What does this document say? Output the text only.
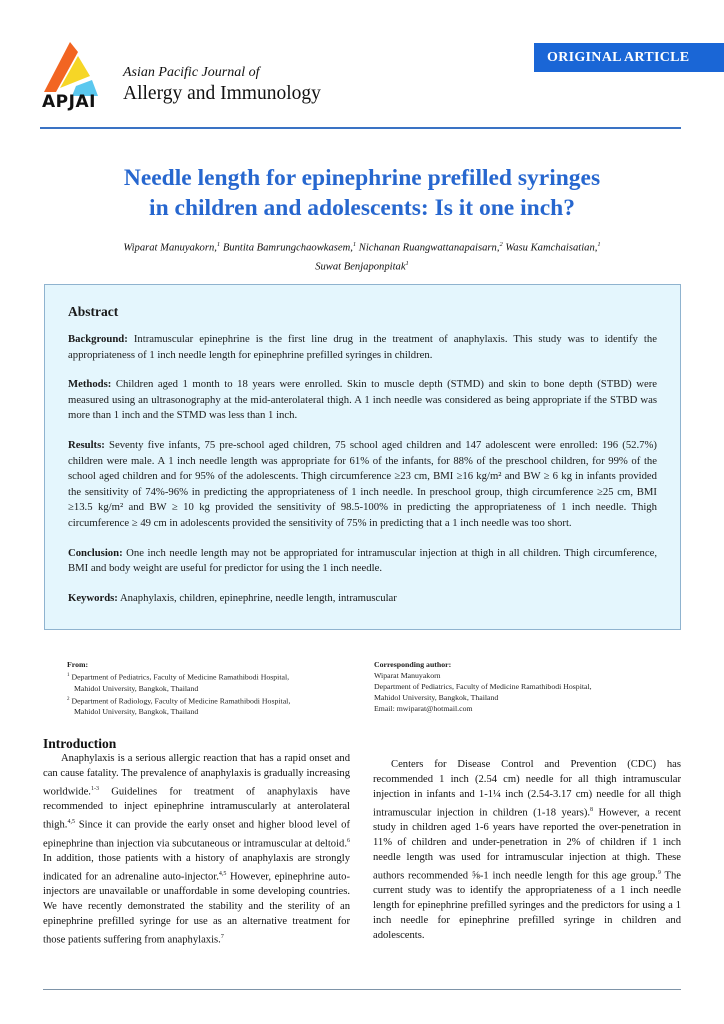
APJAI
Asian Pacific Journal of
Allergy and Immunology
ORIGINAL ARTICLE
Needle length for epinephrine prefilled syringes
in children and adolescents: Is it one inch?
Wiparat Manuyakorn,$^1$ Buntita Bamrungchaowkasem,$^1$ Nichanan Ruangwattanapaisarn,$^2$ Wasu Kamchaisatian,$^1$
Suwat Benjaponpitak$^1$
Abstract

Background: Intramuscular epinephrine is the first line drug in the treatment of anaphylaxis. This study was to identify the appropriateness of 1 inch needle length for epinephrine prefilled syringes in children.

Methods: Children aged 1 month to 18 years were enrolled. Skin to muscle depth (STMD) and skin to bone depth (STBD) were measured using an ultrasonography at the mid-anterolateral thigh. A 1 inch needle was considered as being appropriate if the STBD was more than 1 inch and the STMD was less than 1 inch.

Results: Seventy five infants, 75 pre-school aged children, 75 school aged children and 147 adolescent were enrolled: 196 (52.7%) children were male. A 1 inch needle length was appropriate for 61% of the infants, for 88% of the preschool children, for 99% of the school aged children and for 95% of the adolescents. Thigh circumference ≥23 cm, BMI ≥16 kg/m² and BW ≥ 6 kg in infants provided the sensitivity of 74%-96% in predicting the appropriateness of 1 inch needle. In preschool group, thigh circumference ≥25 cm, BMI ≥13.5 kg/m² and BW ≥ 10 kg provided the sensitivity of 98.5-100% in predicting the appropriateness of 1 inch needle. Thigh circumference ≥ 49 cm in adolescents provided the sensitivity of 75% in predicting that a 1 inch needle was too short.

Conclusion: One inch needle length may not be appropriated for intramuscular injection at thigh in all children. Thigh circumference, BMI and body weight are useful for predictor for using the 1 inch needle.

Keywords: Anaphylaxis, children, epinephrine, needle length, intramuscular

From:
$^1$ Department of Pediatrics, Faculty of Medicine Ramathibodi Hospital,
Mahidol University, Bangkok, Thailand
$^2$ Department of Radiology, Faculty of Medicine Ramathibodi Hospital,
Mahidol University, Bangkok, Thailand
Corresponding author:
Wiparat Manuyakorn
Department of Pediatrics, Faculty of Medicine Ramathibodi Hospital,
Mahidol University, Bangkok, Thailand
Email: mwiparat@hotmail.com
Introduction

Anaphylaxis is a serious allergic reaction that has a rapid onset and can cause fatality. The prevalence of anaphylaxis is gradually increasing worldwide.$^{1-3}$ Guidelines for treatment of anaphylaxis have recommended to inject epinephrine intramuscularly at anterolateral thigh.$^{4,5}$ Since it can provide the early onset and higher blood level of epinephrine than injection via subcutaneous or intramuscular at deltoid.$^6$ In addition, those patients with a history of anaphylaxis are strongly indicated for an adrenaline auto-injector.$^{4,5}$ However, epinephrine auto-injectors are unavailable or unaffordable in some developing countries. We have recently demonstrated the stability and the sterility of an epinephrine prefilled syringe for use as an alternative treatment for those patients suffering from anaphylaxis.$^7$

Centers for Disease Control and Prevention (CDC) has recommended 1 inch (2.54 cm) needle for all thigh intramuscular injection in infants and 1-1¼ inch (2.54-3.17 cm) needle for all thigh intramuscular injection in children (1-18 years).$^8$ However, a recent study in children aged 1-6 years have reported the over-penetration in 11% of children and under-penetration in 2% of children if 1 inch needle length was used for intramuscular injection at thigh. These authors recommended ⅝-1 inch needle length for this age group.$^9$ The current study was to identify the appropriateness of a 1 inch needle length for epinephrine prefilled syringes and the predictors for using a 1 inch needle for epinephrine prefilled syringe in children and adolescents.
